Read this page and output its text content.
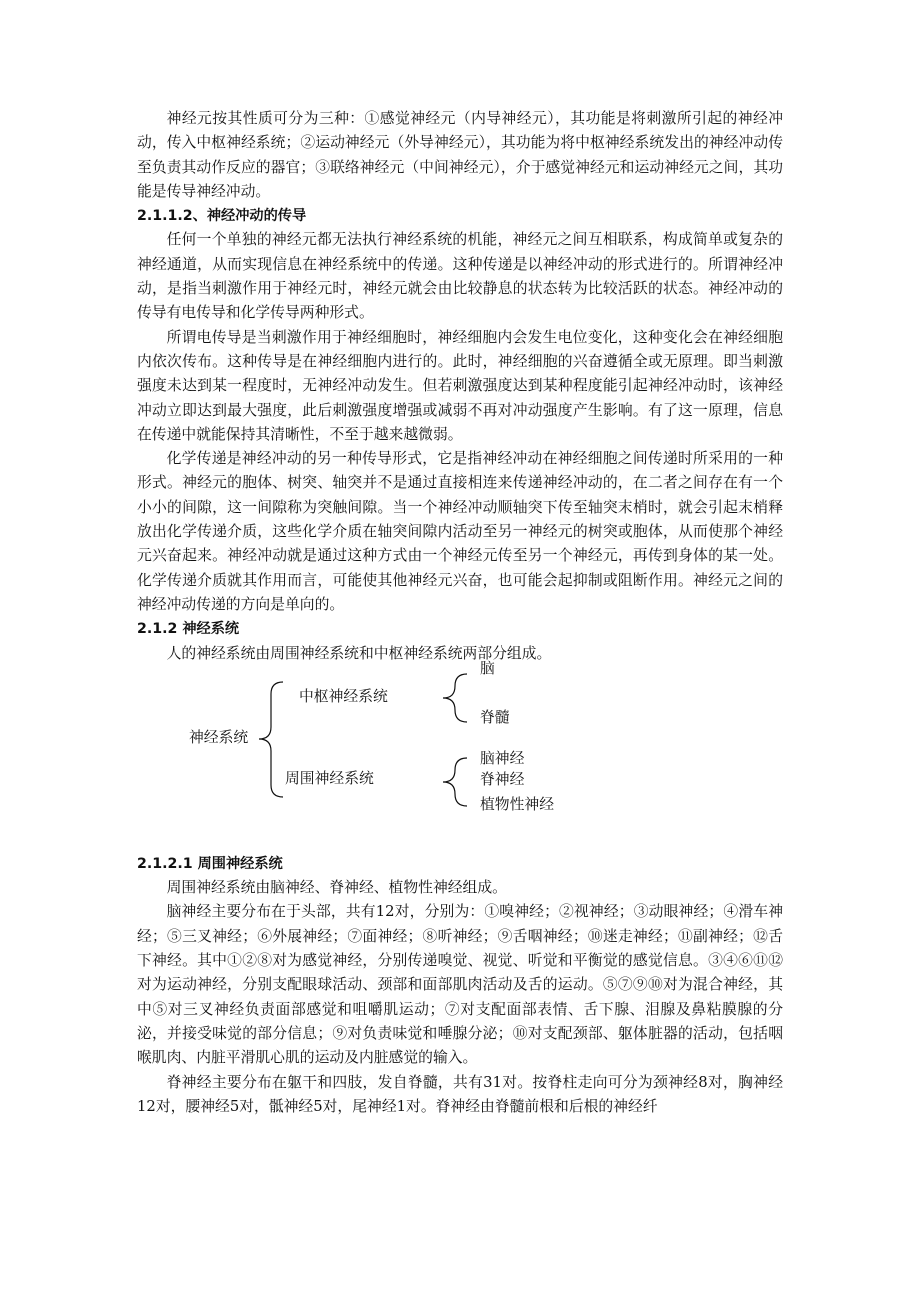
神经元按其性质可分为三种：①感觉神经元（内导神经元），其功能是将刺激所引起的神经冲动，传入中枢神经系统；②运动神经元（外导神经元），其功能为将中枢神经系统发出的神经冲动传至负责其动作反应的器官；③联络神经元（中间神经元），介于感觉神经元和运动神经元之间，其功能是传导神经冲动。

2.1.1.2、神经冲动的传导

任何一个单独的神经元都无法执行神经系统的机能，神经元之间互相联系，构成简单或复杂的神经通道，从而实现信息在神经系统中的传递。这种传递是以神经冲动的形式进行的。所谓神经冲动，是指当刺激作用于神经元时，神经元就会由比较静息的状态转为比较活跃的状态。神经冲动的传导有电传导和化学传导两种形式。

所谓电传导是当刺激作用于神经细胞时，神经细胞内会发生电位变化，这种变化会在神经细胞内依次传布。这种传导是在神经细胞内进行的。此时，神经细胞的兴奋遵循全或无原理。即当刺激强度未达到某一程度时，无神经冲动发生。但若刺激强度达到某种程度能引起神经冲动时，该神经冲动立即达到最大强度，此后刺激强度增强或减弱不再对冲动强度产生影响。有了这一原理，信息在传递中就能保持其清晰性，不至于越来越微弱。

化学传递是神经冲动的另一种传导形式，它是指神经冲动在神经细胞之间传递时所采用的一种形式。神经元的胞体、树突、轴突并不是通过直接相连来传递神经冲动的，在二者之间存在有一个小小的间隙，这一间隙称为突触间隙。当一个神经冲动顺轴突下传至轴突末梢时，就会引起末梢释放出化学传递介质，这些化学介质在轴突间隙内活动至另一神经元的树突或胞体，从而使那个神经元兴奋起来。神经冲动就是通过这种方式由一个神经元传至另一个神经元，再传到身体的某一处。化学传递介质就其作用而言，可能使其他神经元兴奋，也可能会起抑制或阻断作用。神经元之间的神经冲动传递的方向是单向的。

2.1.2 神经系统

人的神经系统由周围神经系统和中枢神经系统两部分组成。

神经系统
中枢神经系统
周围神经系统
脑
脊髓
脑神经
脊神经
植物性神经
2.1.2.1 周围神经系统

周围神经系统由脑神经、脊神经、植物性神经组成。

脑神经主要分布在于头部，共有12对，分别为：①嗅神经；②视神经；③动眼神经；④滑车神经；⑤三叉神经；⑥外展神经；⑦面神经；⑧听神经；⑨舌咽神经；⑩迷走神经；⑪副神经；⑫舌下神经。其中①②⑧对为感觉神经，分别传递嗅觉、视觉、听觉和平衡觉的感觉信息。③④⑥⑪⑫对为运动神经，分别支配眼球活动、颈部和面部肌肉活动及舌的运动。⑤⑦⑨⑩对为混合神经，其中⑤对三叉神经负责面部感觉和咀嚼肌运动；⑦对支配面部表情、舌下腺、泪腺及鼻粘膜腺的分泌，并接受味觉的部分信息；⑨对负责味觉和唾腺分泌；⑩对支配颈部、躯体脏器的活动，包括咽喉肌肉、内脏平滑肌心肌的运动及内脏感觉的输入。

脊神经主要分布在躯干和四肢，发自脊髓，共有31对。按脊柱走向可分为颈神经8对，胸神经12对，腰神经5对，骶神经5对，尾神经1对。脊神经由脊髓前根和后根的神经纤
